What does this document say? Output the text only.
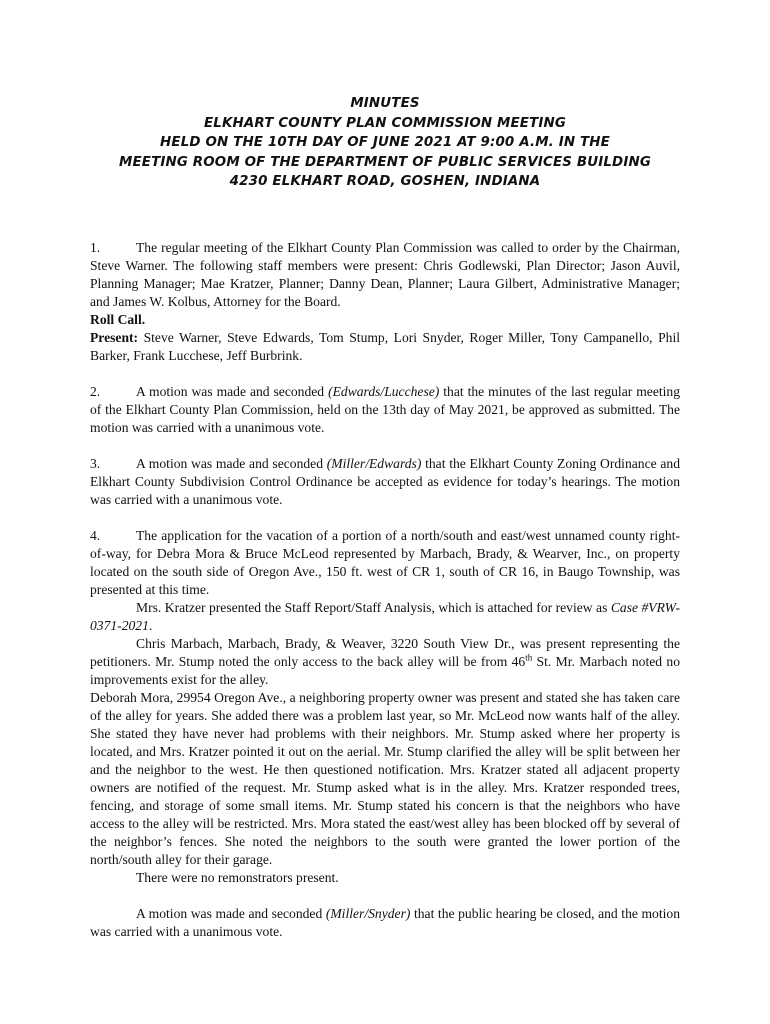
MINUTES
ELKHART COUNTY PLAN COMMISSION MEETING
HELD ON THE 10TH DAY OF JUNE 2021 AT 9:00 A.M. IN THE
MEETING ROOM OF THE DEPARTMENT OF PUBLIC SERVICES BUILDING
4230 ELKHART ROAD, GOSHEN, INDIANA

1.	The regular meeting of the Elkhart County Plan Commission was called to order by the Chairman, Steve Warner. The following staff members were present: Chris Godlewski, Plan Director; Jason Auvil, Planning Manager; Mae Kratzer, Planner; Danny Dean, Planner; Laura Gilbert, Administrative Manager; and James W. Kolbus, Attorney for the Board.

Roll Call.

Present: Steve Warner, Steve Edwards, Tom Stump, Lori Snyder, Roger Miller, Tony Campanello, Phil Barker, Frank Lucchese, Jeff Burbrink.

2.	A motion was made and seconded (Edwards/Lucchese) that the minutes of the last regular meeting of the Elkhart County Plan Commission, held on the 13th day of May 2021, be approved as submitted. The motion was carried with a unanimous vote.

3.	A motion was made and seconded (Miller/Edwards) that the Elkhart County Zoning Ordinance and Elkhart County Subdivision Control Ordinance be accepted as evidence for today’s hearings. The motion was carried with a unanimous vote.

4.	The application for the vacation of a portion of a north/south and east/west unnamed county right-of-way, for Debra Mora & Bruce McLeod represented by Marbach, Brady, & Wearver, Inc., on property located on the south side of Oregon Ave., 150 ft. west of CR 1, south of CR 16, in Baugo Township, was presented at this time.

Mrs. Kratzer presented the Staff Report/Staff Analysis, which is attached for review as Case #VRW-0371-2021.

Chris Marbach, Marbach, Brady, & Weaver, 3220 South View Dr., was present representing the petitioners. Mr. Stump noted the only access to the back alley will be from 46th St. Mr. Marbach noted no improvements exist for the alley.

Deborah Mora, 29954 Oregon Ave., a neighboring property owner was present and stated she has taken care of the alley for years. She added there was a problem last year, so Mr. McLeod now wants half of the alley. She stated they have never had problems with their neighbors. Mr. Stump asked where her property is located, and Mrs. Kratzer pointed it out on the aerial. Mr. Stump clarified the alley will be split between her and the neighbor to the west. He then questioned notification. Mrs. Kratzer stated all adjacent property owners are notified of the request. Mr. Stump asked what is in the alley. Mrs. Kratzer responded trees, fencing, and storage of some small items. Mr. Stump stated his concern is that the neighbors who have access to the alley will be restricted. Mrs. Mora stated the east/west alley has been blocked off by several of the neighbor’s fences. She noted the neighbors to the south were granted the lower portion of the north/south alley for their garage.

There were no remonstrators present.

A motion was made and seconded (Miller/Snyder) that the public hearing be closed, and the motion was carried with a unanimous vote.
